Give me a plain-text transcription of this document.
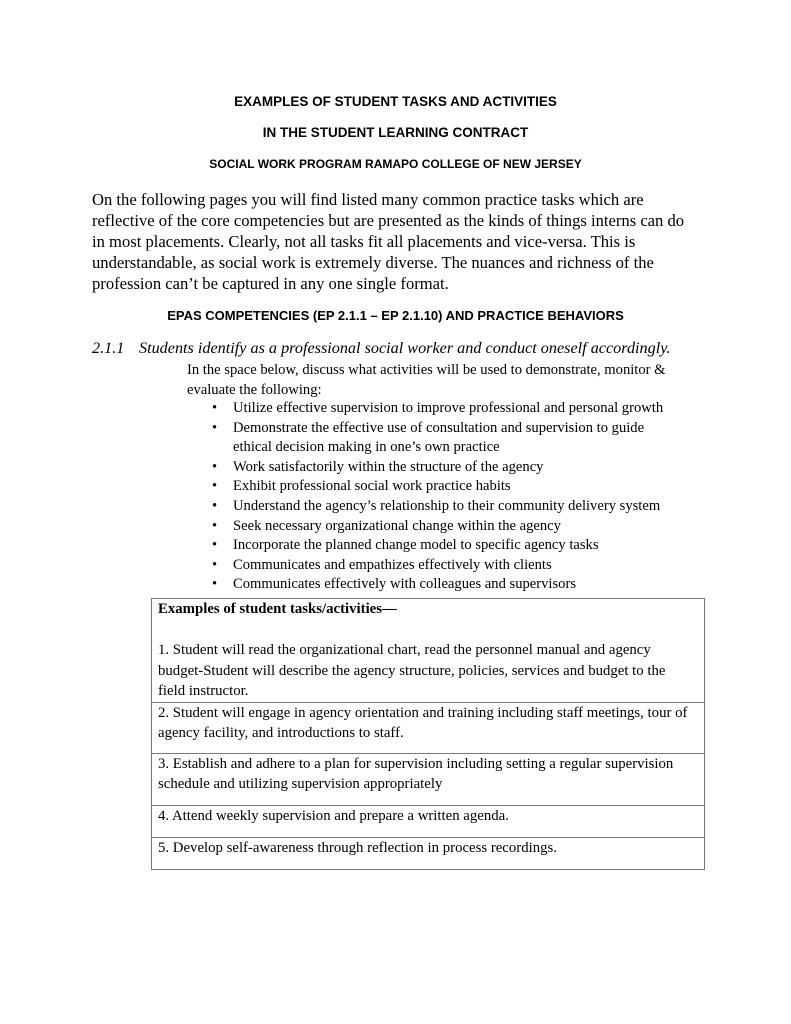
EXAMPLES OF STUDENT TASKS AND ACTIVITIES
IN THE STUDENT LEARNING CONTRACT
SOCIAL WORK PROGRAM RAMAPO COLLEGE OF NEW JERSEY
On the following pages you will find listed many common practice tasks which are
reflective of the core competencies but are presented as the kinds of things interns can do
in most placements. Clearly, not all tasks fit all placements and vice-versa. This is
understandable, as social work is extremely diverse. The nuances and richness of the
profession can’t be captured in any one single format.
EPAS COMPETENCIES (EP 2.1.1 – EP 2.1.10) AND PRACTICE BEHAVIORS
2.1.1 Students identify as a professional social worker and conduct oneself accordingly.
In the space below, discuss what activities will be used to demonstrate, monitor &
evaluate the following:
• Utilize effective supervision to improve professional and personal growth
• Demonstrate the effective use of consultation and supervision to guide
ethical decision making in one’s own practice
• Work satisfactorily within the structure of the agency
• Exhibit professional social work practice habits
• Understand the agency’s relationship to their community delivery system
• Seek necessary organizational change within the agency
• Incorporate the planned change model to specific agency tasks
• Communicates and empathizes effectively with clients
• Communicates effectively with colleagues and supervisors
Examples of student tasks/activities—

1. Student will read the organizational chart, read the personnel manual and agency
budget-Student will describe the agency structure, policies, services and budget to the
field instructor.

2. Student will engage in agency orientation and training including staff meetings, tour of
agency facility, and introductions to staff.

3. Establish and adhere to a plan for supervision including setting a regular supervision
schedule and utilizing supervision appropriately

4. Attend weekly supervision and prepare a written agenda.

5. Develop self-awareness through reflection in process recordings.
